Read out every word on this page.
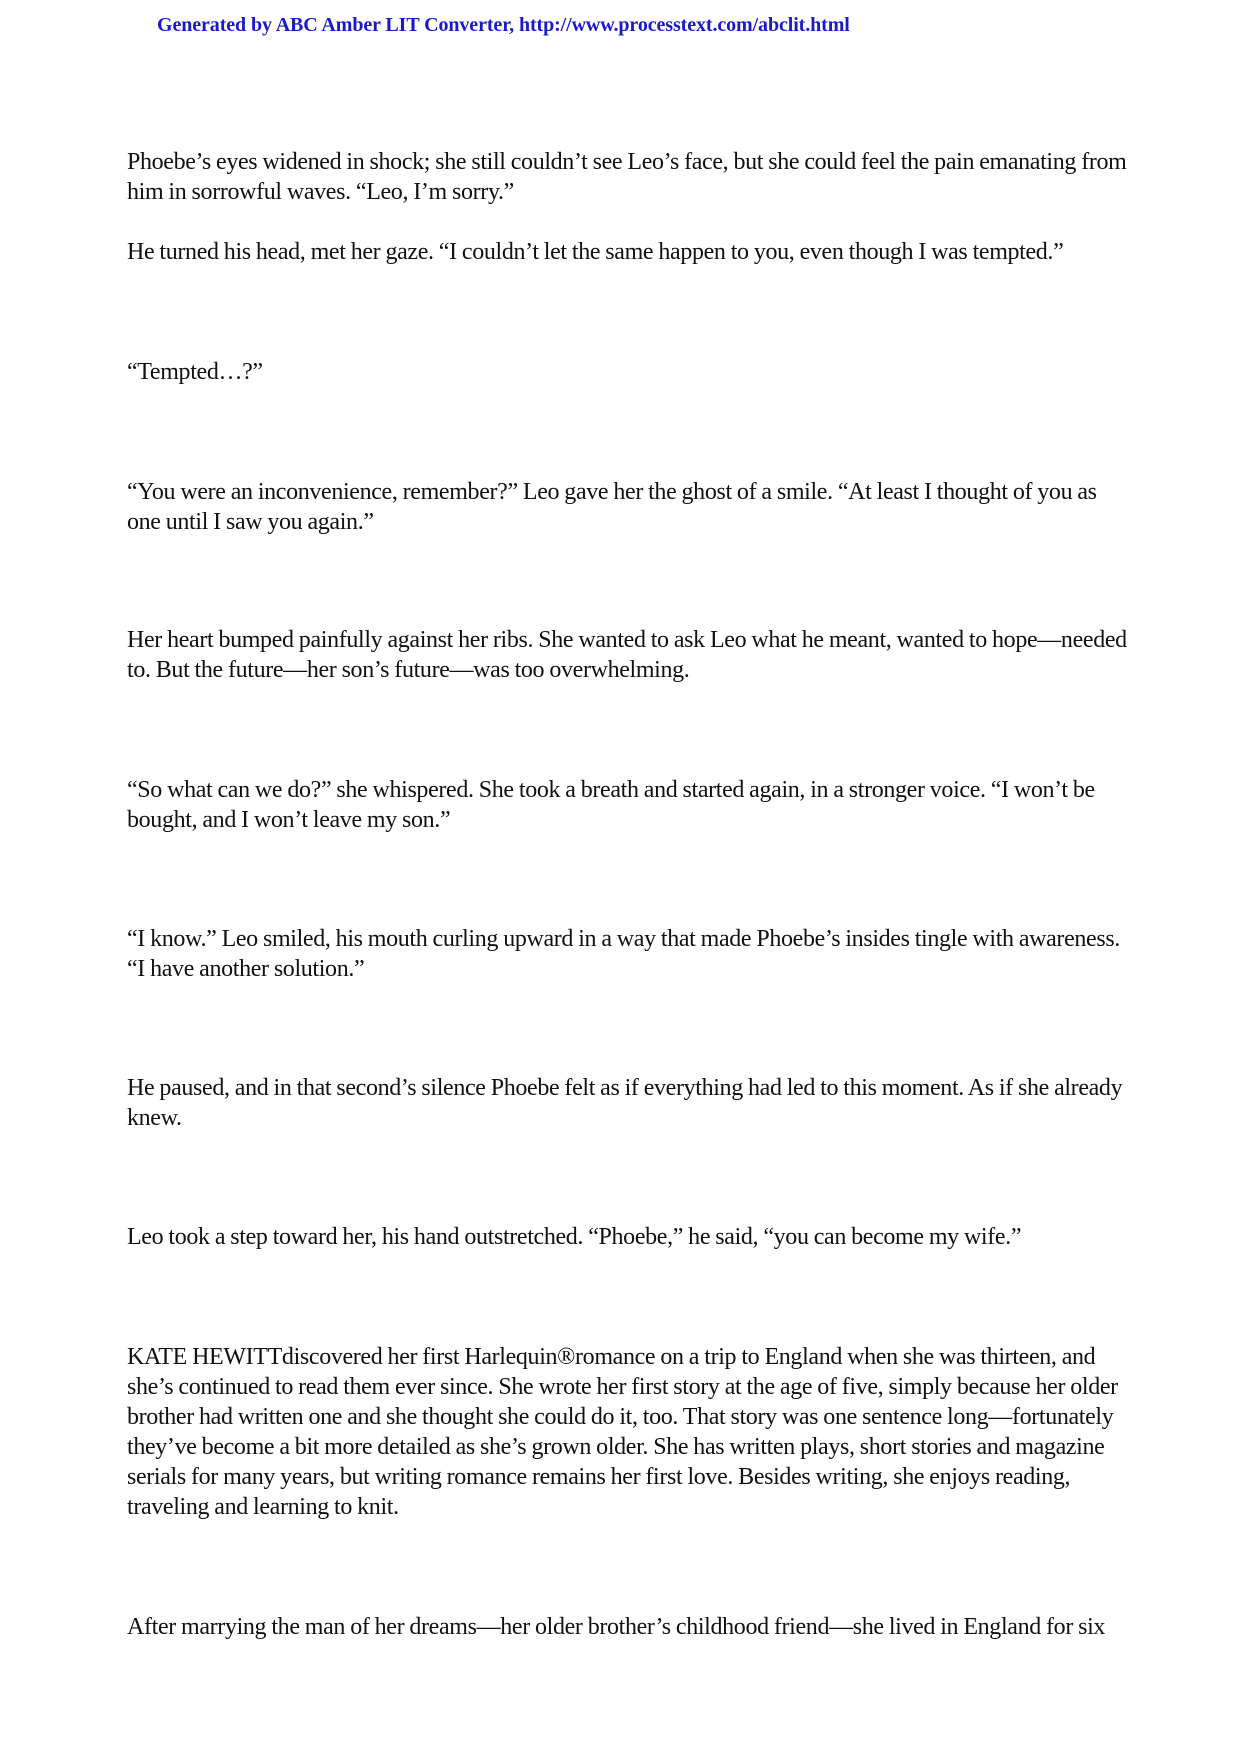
Generated by ABC Amber LIT Converter, http://www.processtext.com/abclit.html

Phoebe’s eyes widened in shock; she still couldn’t see Leo’s face, but she could feel the pain emanating from him in sorrowful waves. “Leo, I’m sorry.”

He turned his head, met her gaze. “I couldn’t let the same happen to you, even though I was tempted.”

“Tempted…?”

“You were an inconvenience, remember?” Leo gave her the ghost of a smile. “At least I thought of you as one until I saw you again.”

Her heart bumped painfully against her ribs. She wanted to ask Leo what he meant, wanted to hope—needed to. But the future—her son’s future—was too overwhelming.

“So what can we do?” she whispered. She took a breath and started again, in a stronger voice. “I won’t be bought, and I won’t leave my son.”

“I know.” Leo smiled, his mouth curling upward in a way that made Phoebe’s insides tingle with awareness. “I have another solution.”

He paused, and in that second’s silence Phoebe felt as if everything had led to this moment. As if she already knew.

Leo took a step toward her, his hand outstretched. “Phoebe,” he said, “you can become my wife.”

KATE HEWITTdiscovered her first Harlequin®romance on a trip to England when she was thirteen, and she’s continued to read them ever since. She wrote her first story at the age of five, simply because her older brother had written one and she thought she could do it, too. That story was one sentence long—fortunately they’ve become a bit more detailed as she’s grown older. She has written plays, short stories and magazine serials for many years, but writing romance remains her first love. Besides writing, she enjoys reading, traveling and learning to knit.

After marrying the man of her dreams—her older brother’s childhood friend—she lived in England for six
